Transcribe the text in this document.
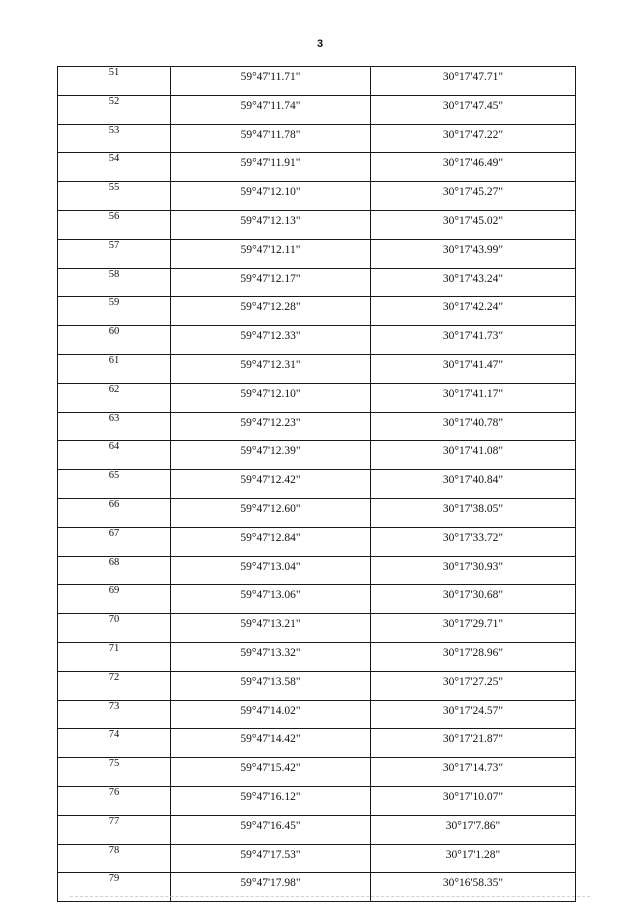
3
51	59°47'11.71"	30°17'47.71"
52	59°47'11.74"	30°17'47.45"
53	59°47'11.78"	30°17'47.22"
54	59°47'11.91"	30°17'46.49"
55	59°47'12.10"	30°17'45.27"
56	59°47'12.13"	30°17'45.02"
57	59°47'12.11"	30°17'43.99"
58	59°47'12.17"	30°17'43.24"
59	59°47'12.28"	30°17'42.24"
60	59°47'12.33"	30°17'41.73"
61	59°47'12.31"	30°17'41.47"
62	59°47'12.10"	30°17'41.17"
63	59°47'12.23"	30°17'40.78"
64	59°47'12.39"	30°17'41.08"
65	59°47'12.42"	30°17'40.84"
66	59°47'12.60"	30°17'38.05"
67	59°47'12.84"	30°17'33.72"
68	59°47'13.04"	30°17'30.93"
69	59°47'13.06"	30°17'30.68"
70	59°47'13.21"	30°17'29.71"
71	59°47'13.32"	30°17'28.96"
72	59°47'13.58"	30°17'27.25"
73	59°47'14.02"	30°17'24.57"
74	59°47'14.42"	30°17'21.87"
75	59°47'15.42"	30°17'14.73"
76	59°47'16.12"	30°17'10.07"
77	59°47'16.45"	30°17'7.86"
78	59°47'17.53"	30°17'1.28"
79	59°47'17.98"	30°16'58.35"
